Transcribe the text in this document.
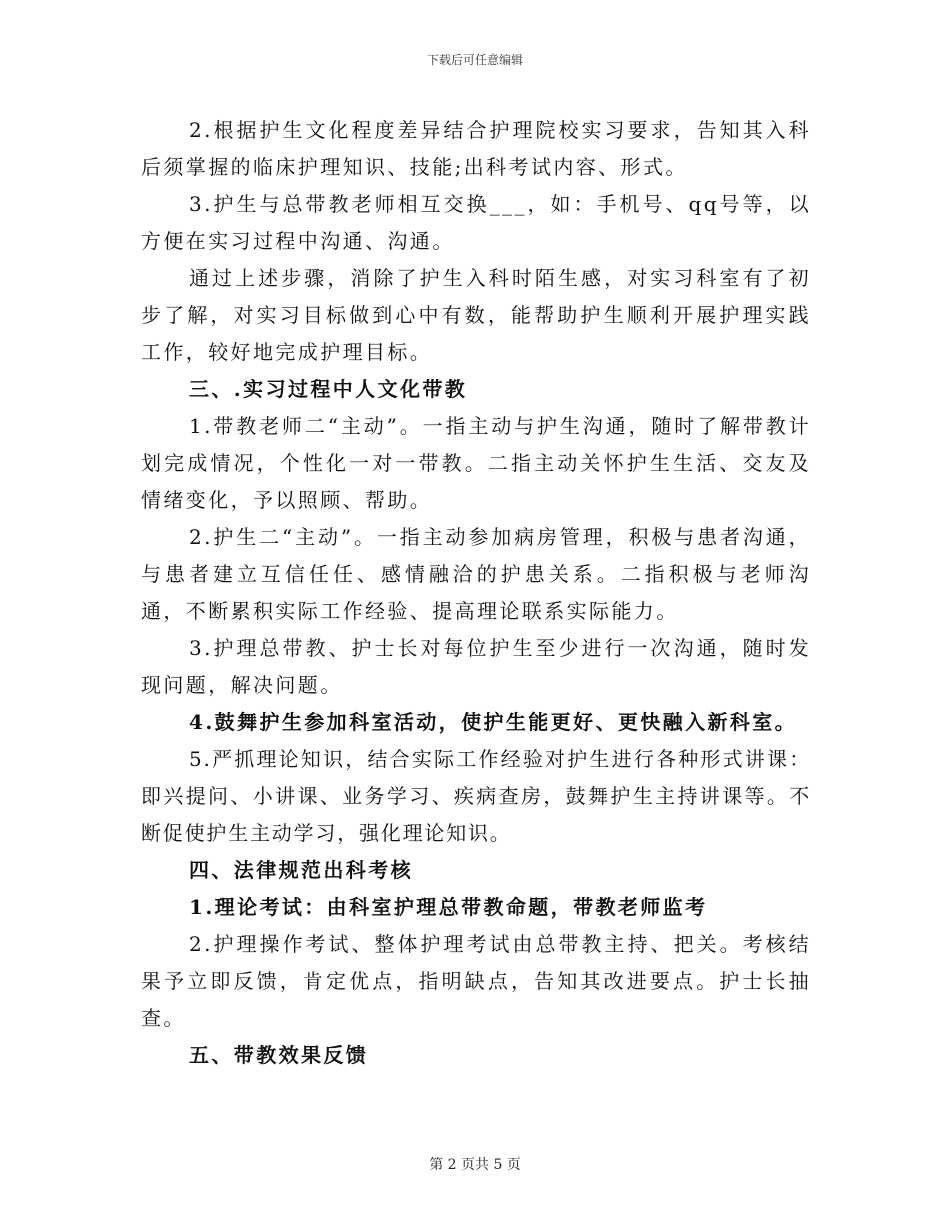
下载后可任意编辑

2.根据护生文化程度差异结合护理院校实习要求，告知其入科后须掌握的临床护理知识、技能;出科考试内容、形式。

3.护生与总带教老师相互交换___，如：手机号、qq号等，以方便在实习过程中沟通、沟通。

通过上述步骤，消除了护生入科时陌生感，对实习科室有了初步了解，对实习目标做到心中有数，能帮助护生顺利开展护理实践工作，较好地完成护理目标。

三、.实习过程中人文化带教

1.带教老师二“主动”。一指主动与护生沟通，随时了解带教计划完成情况，个性化一对一带教。二指主动关怀护生生活、交友及情绪变化，予以照顾、帮助。

2.护生二“主动”。一指主动参加病房管理，积极与患者沟通，与患者建立互信任任、感情融洽的护患关系。二指积极与老师沟通，不断累积实际工作经验、提高理论联系实际能力。

3.护理总带教、护士长对每位护生至少进行一次沟通，随时发现问题，解决问题。

4.鼓舞护生参加科室活动，使护生能更好、更快融入新科室。

5.严抓理论知识，结合实际工作经验对护生进行各种形式讲课：即兴提问、小讲课、业务学习、疾病查房，鼓舞护生主持讲课等。不断促使护生主动学习，强化理论知识。

四、法律规范出科考核

1.理论考试：由科室护理总带教命题，带教老师监考

2.护理操作考试、整体护理考试由总带教主持、把关。考核结果予立即反馈，肯定优点，指明缺点，告知其改进要点。护士长抽查。

五、带教效果反馈

第 2 页共 5 页
